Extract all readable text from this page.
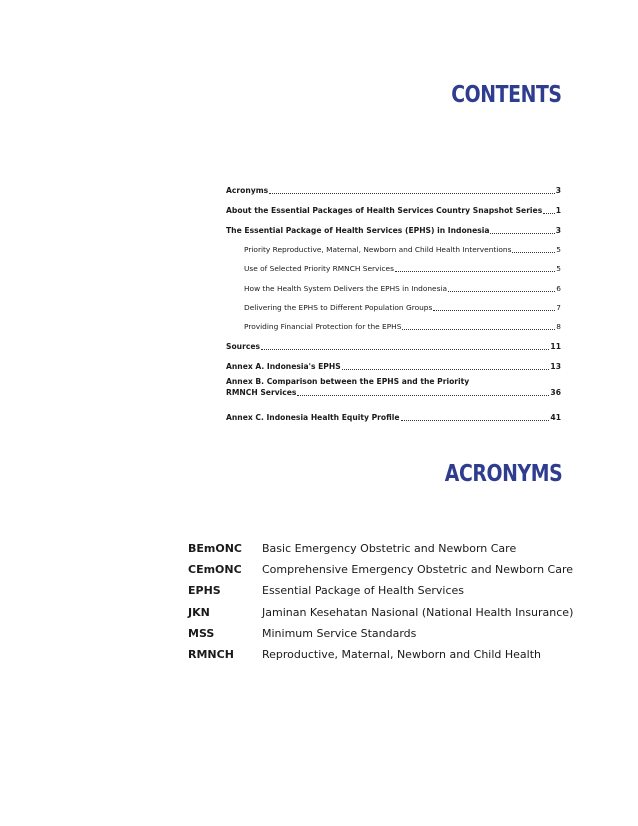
CONTENTS
Acronyms	3
About the Essential Packages of Health Services Country Snapshot Series 1
The Essential Package of Health Services (EPHS) in Indonesia	3
Priority Reproductive, Maternal, Newborn and Child Health Interventions	5
Use of Selected Priority RMNCH Services	5
How the Health System Delivers the EPHS in Indonesia	6
Delivering the EPHS to Different Population Groups	7
Providing Financial Protection for the EPHS	8
Sources	11
Annex A. Indonesia's EPHS	13
Annex B. Comparison between the EPHS and the Priority
RMNCH Services	36
Annex C. Indonesia Health Equity Profile	41
ACRONYMS
BEmONC	Basic Emergency Obstetric and Newborn Care
CEmONC	Comprehensive Emergency Obstetric and Newborn Care
EPHS	Essential Package of Health Services
JKN	Jaminan Kesehatan Nasional (National Health Insurance)
MSS	Minimum Service Standards
RMNCH	Reproductive, Maternal, Newborn and Child Health
